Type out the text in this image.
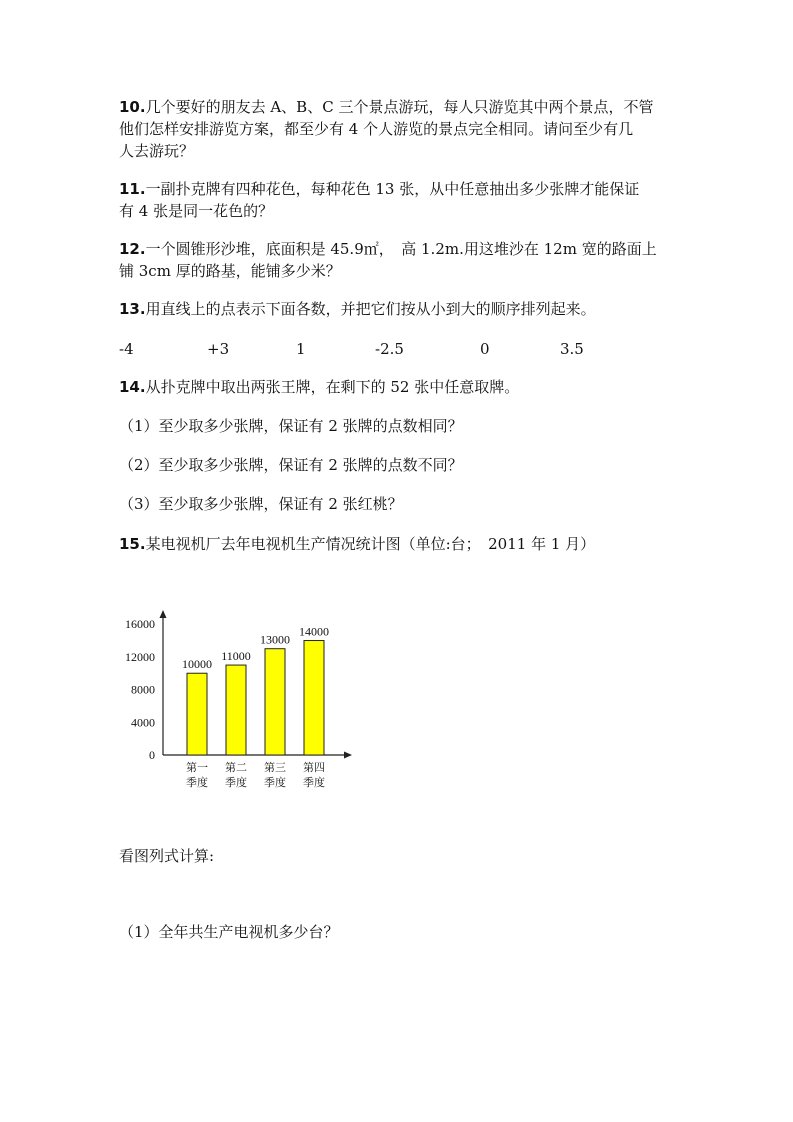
10.几个要好的朋友去 A、B、C 三个景点游玩，每人只游览其中两个景点，不管
他们怎样安排游览方案，都至少有 4 个人游览的景点完全相同。请问至少有几
人去游玩？
11.一副扑克牌有四种花色，每种花色 13 张，从中任意抽出多少张牌才能保证
有 4 张是同一花色的？
12.一个圆锥形沙堆，底面积是 45.9㎡，　高 1.2m.用这堆沙在 12m 宽的路面上
铺 3cm 厚的路基，能铺多少米？
13.用直线上的点表示下面各数，并把它们按从小到大的顺序排列起来。
-4	+3	1	-2.5	0	3.5
14.从扑克牌中取出两张王牌，在剩下的 52 张中任意取牌。
（1）至少取多少张牌，保证有 2 张牌的点数相同？
（2）至少取多少张牌，保证有 2 张牌的点数不同？
（3）至少取多少张牌，保证有 2 张红桃？
15.某电视机厂去年电视机生产情况统计图（单位:台；　2011 年 1 月）
0
4000
8000
12000
16000
10000
第一
季度
11000
第二
季度
13000
第三
季度
14000
第四
季度
看图列式计算:
（1）全年共生产电视机多少台？
